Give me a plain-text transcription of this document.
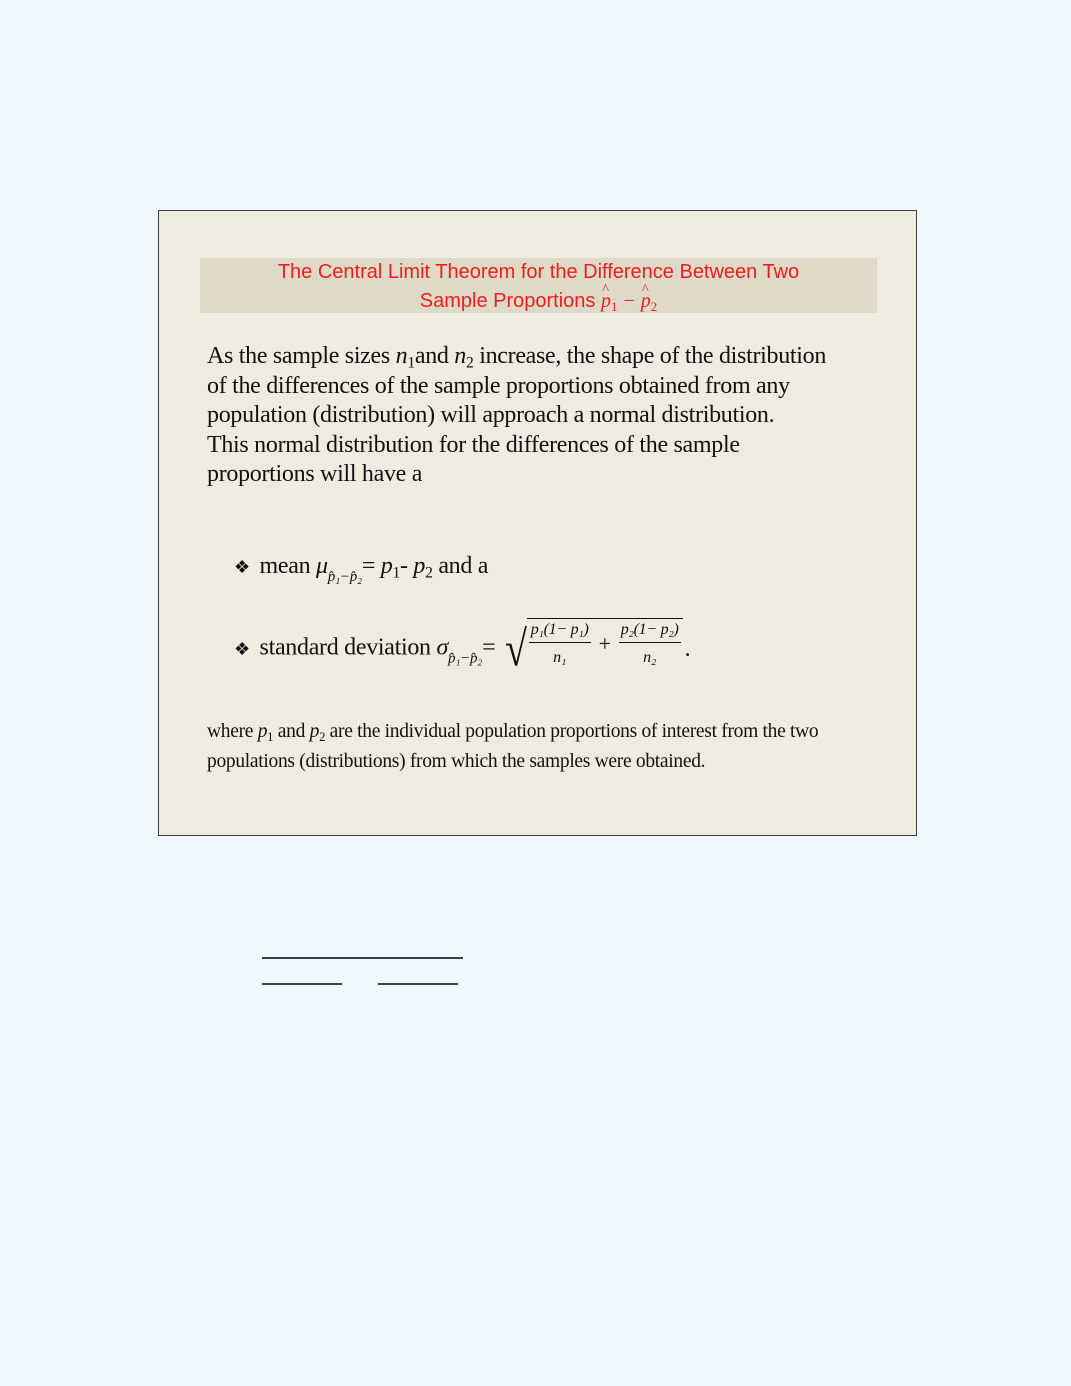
The Central Limit Theorem for the Difference Between Two
Sample Proportions ^ $p_1$ − ^ $p_2$

As the sample sizes $n_1and$ $n_2$ increase, the shape of the distribution of the differences of the sample proportions obtained from any population (distribution) will approach a normal distribution.

This normal distribution for the differences of the sample proportions will have a

❖ mean $\mu_{p̂_1-p̂_2}= p_1-$ $p_2$ and a
❖ standard deviation $\sigma_{p̂_1-p̂_2}=$ √ $\frac{\text{p₁(1− p₁)}}{\text{n₁}} + \frac{\text{p₂(1− p₂)}}{\text{n₂}}$ .

where $p_1$ and $p_2$ are the individual population proportions of interest from the two populations (distributions) from which the samples were obtained.
